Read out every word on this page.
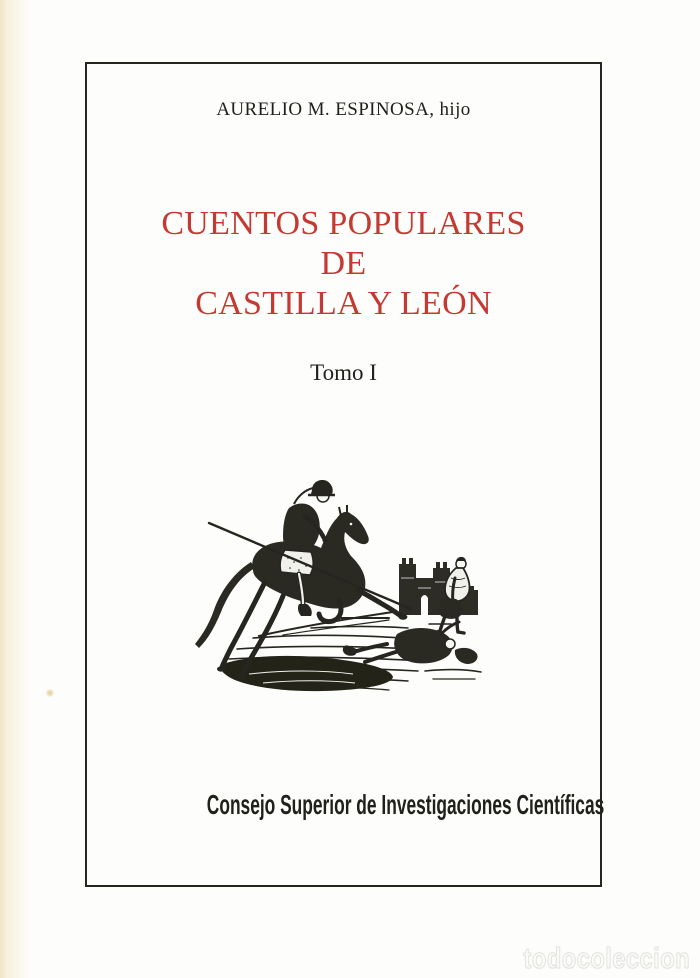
AURELIO M. ESPINOSA, hijo
CUENTOS POPULARES
DE
CASTILLA Y LEÓN
Tomo I
Consejo Superior de Investigaciones Científicas
todocoleccion
